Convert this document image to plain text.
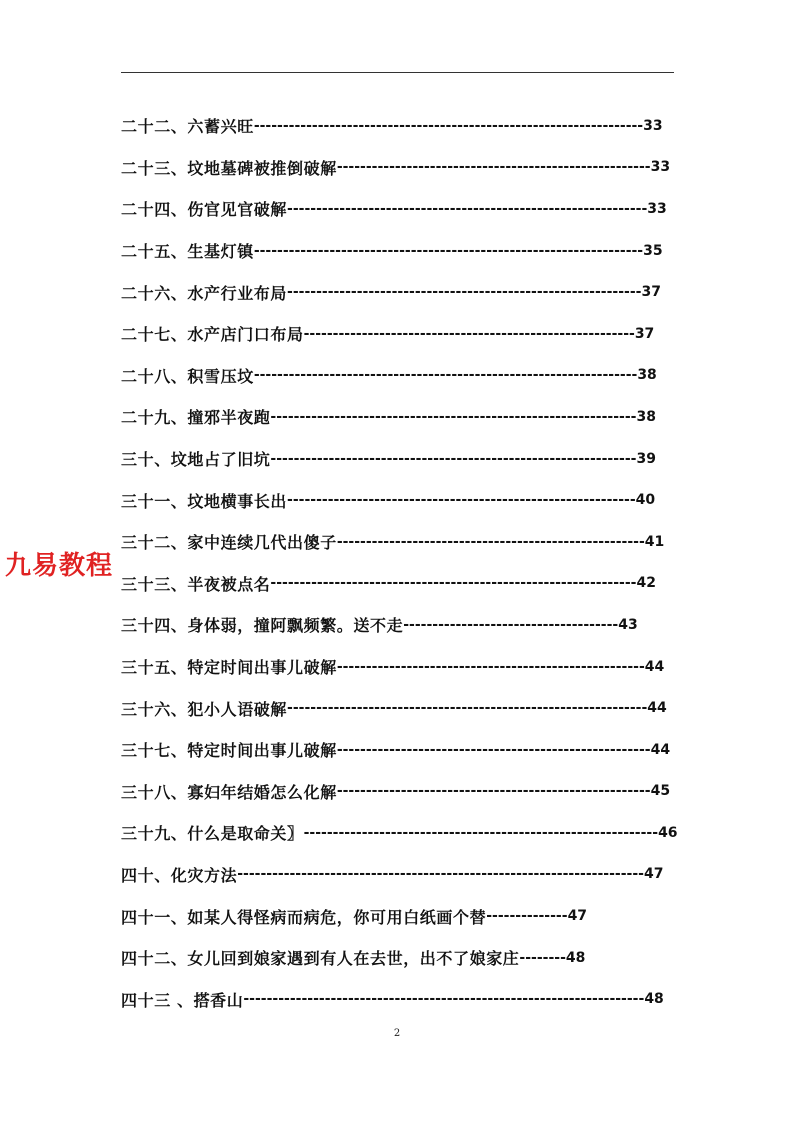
二十二、六蓄兴旺 ------------------------------------------------------------------- 33
二十三、坟地墓碑被推倒破解 ------------------------------------------------------ 33
二十四、伤官见官破解 -------------------------------------------------------------- 33
二十五、生基灯镇 ------------------------------------------------------------------- 35
二十六、水产行业布局 ------------------------------------------------------------- 37
二十七、水产店门口布局 --------------------------------------------------------- 37
二十八、积雪压坟 ------------------------------------------------------------------ 38
二十九、撞邪半夜跑 --------------------------------------------------------------- 38
三十、坟地占了旧坑 --------------------------------------------------------------- 39
三十一、坟地横事长出 ------------------------------------------------------------ 40
三十二、家中连续几代出傻子 ----------------------------------------------------- 41
三十三、半夜被点名 --------------------------------------------------------------- 42
三十四、身体弱，撞阿飘频繁。送不走 ------------------------------------- 43
三十五、特定时间出事儿破解 ----------------------------------------------------- 44
三十六、犯小人语破解 -------------------------------------------------------------- 44
三十七、特定时间出事儿破解 ------------------------------------------------------ 44
三十八、寡妇年结婚怎么化解 ------------------------------------------------------ 45
三十九、什么是取命关〗 ------------------------------------------------------------- 46
四十、化灾方法 ---------------------------------------------------------------------- 47
四十一、如某人得怪病而病危，你可用白纸画个替 -------------- 47
四十二、女儿回到娘家遇到有人在去世，出不了娘家庄 -------- 48
四十三 、搭香山 --------------------------------------------------------------------- 48
九易教程
2
